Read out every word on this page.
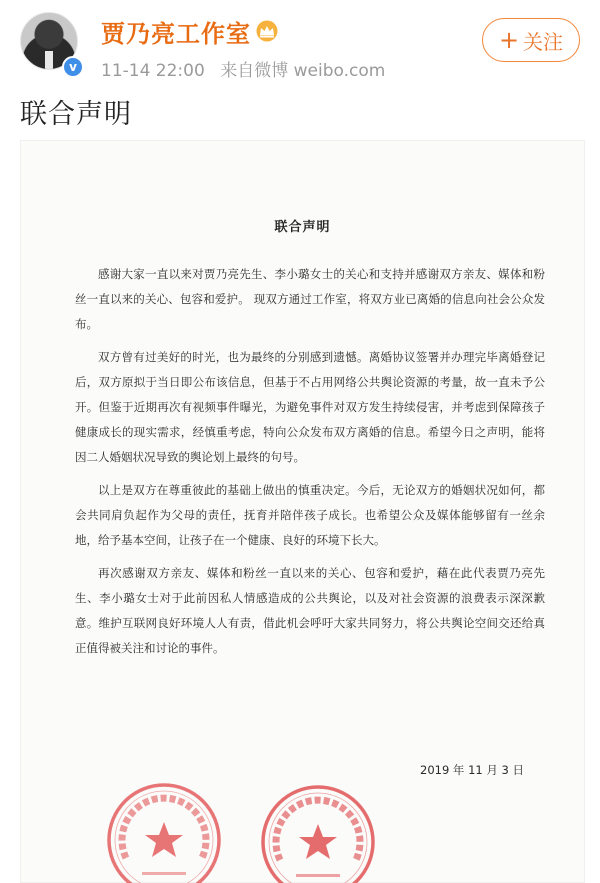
v
贾乃亮工作室
11-14 22:00 来自微博 weibo.com
+ 关注
联合声明
联合声明

感谢大家一直以来对贾乃亮先生、李小璐女士的关心和支持并感谢双方亲友、媒体和粉丝一直以来的关心、包容和爱护。 现双方通过工作室，将双方业已离婚的信息向社会公众发布。

双方曾有过美好的时光，也为最终的分别感到遗憾。离婚协议签署并办理完毕离婚登记后，双方原拟于当日即公布该信息，但基于不占用网络公共舆论资源的考量，故一直未予公开。但鉴于近期再次有视频事件曝光，为避免事件对双方发生持续侵害，并考虑到保障孩子健康成长的现实需求，经慎重考虑，特向公众发布双方离婚的信息。希望今日之声明，能将因二人婚姻状况导致的舆论划上最终的句号。

以上是双方在尊重彼此的基础上做出的慎重决定。今后，无论双方的婚姻状况如何，都会共同肩负起作为父母的责任，抚育并陪伴孩子成长。也希望公众及媒体能够留有一丝余地，给予基本空间，让孩子在一个健康、良好的环境下长大。

再次感谢双方亲友、媒体和粉丝一直以来的关心、包容和爱护，藉在此代表贾乃亮先生、李小璐女士对于此前因私人情感造成的公共舆论，以及对社会资源的浪费表示深深歉意。维护互联网良好环境人人有责，借此机会呼吁大家共同努力，将公共舆论空间交还给真正值得被关注和讨论的事件。

2019 年 11 月 3 日
